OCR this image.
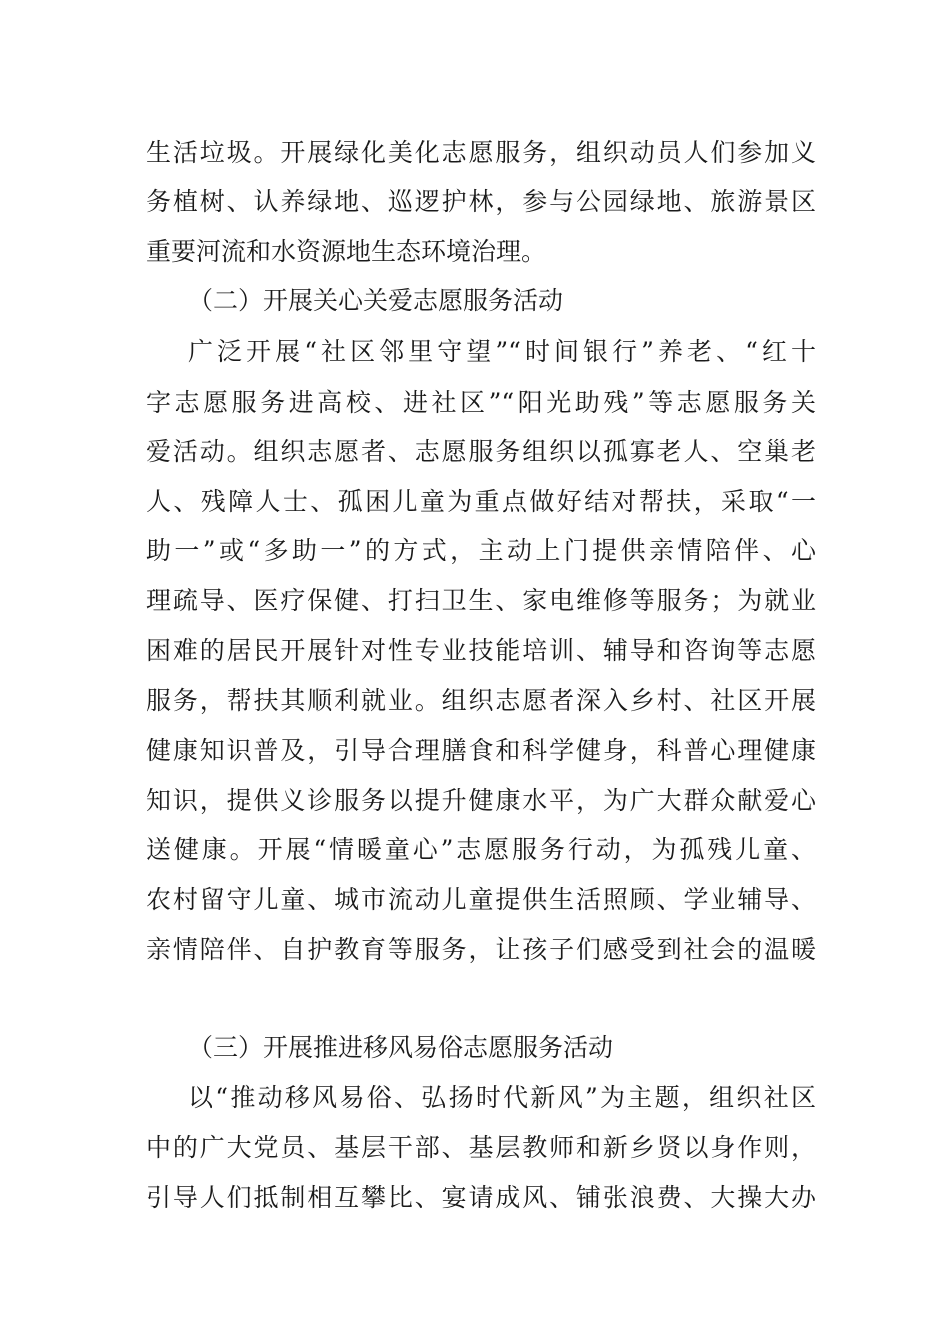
生活垃圾。开展绿化美化志愿服务，组织动员人们参加义
务植树、认养绿地、巡逻护林，参与公园绿地、旅游景区
重要河流和水资源地生态环境治理。
（二）开展关心关爱志愿服务活动
广泛开展“社区邻里守望”“时间银行”养老、“红十
字志愿服务进高校、进社区”“阳光助残”等志愿服务关
爱活动。组织志愿者、志愿服务组织以孤寡老人、空巢老
人、残障人士、孤困儿童为重点做好结对帮扶，采取“一
助一”或“多助一”的方式，主动上门提供亲情陪伴、心
理疏导、医疗保健、打扫卫生、家电维修等服务；为就业
困难的居民开展针对性专业技能培训、辅导和咨询等志愿
服务，帮扶其顺利就业。组织志愿者深入乡村、社区开展
健康知识普及，引导合理膳食和科学健身，科普心理健康
知识，提供义诊服务以提升健康水平，为广大群众献爱心
送健康。开展“情暖童心”志愿服务行动，为孤残儿童、
农村留守儿童、城市流动儿童提供生活照顾、学业辅导、
亲情陪伴、自护教育等服务，让孩子们感受到社会的温暖
（三）开展推进移风易俗志愿服务活动
以“推动移风易俗、弘扬时代新风”为主题，组织社区
中的广大党员、基层干部、基层教师和新乡贤以身作则，
引导人们抵制相互攀比、宴请成风、铺张浪费、大操大办
